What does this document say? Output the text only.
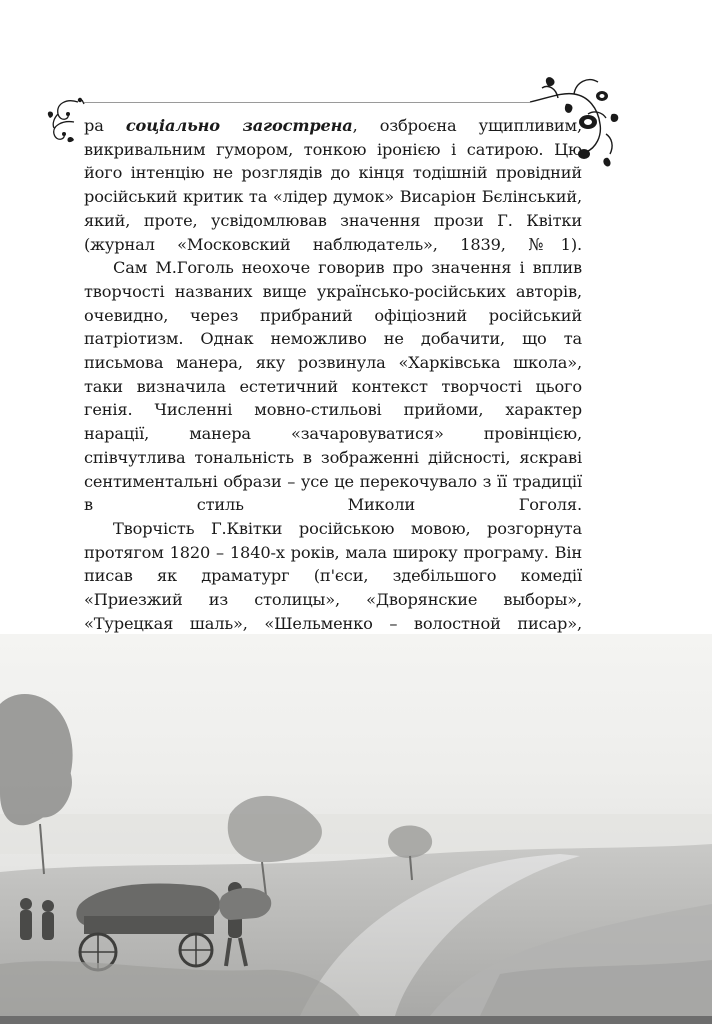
ра соціально загострена, озброєна ущипливим, викривальним гумором, тонкою іронією і сатирою. Цю його інтенцію не розглядів до кінця тодішній провідний російський критик та «лідер думок» Висаріон Бєлінський, який, проте, усвідомлював значення прози Г. Квітки (журнал «Московский наблюдатель», 1839, №1).

Сам М.Гоголь неохоче говорив про значення і вплив творчості названих вище українсько-російських авторів, очевидно, через прибраний офіціозний російський патріотизм. Однак неможливо не добачити, що та письмова манера, яку розвинула «Харківська школа», таки визначила естетичний контекст творчості цього генія. Численні мовно-стильові прийоми, характер нарації, манера «зачаровуватися» провінцією, співчутлива тональність в зображенні дійсності, яскраві сентиментальні образи – усе це перекочувало з її традиції в стиль Миколи Гоголя.

Творчість Г.Квітки російською мовою, розгорнута протягом 1820 – 1840-х років, мала широку програму. Він писав як драматург (п'єси, здебільшого комедії «Приезжий из столицы», «Дворянские выборы», «Турецкая шаль», «Шельменко – волостной писар»,
